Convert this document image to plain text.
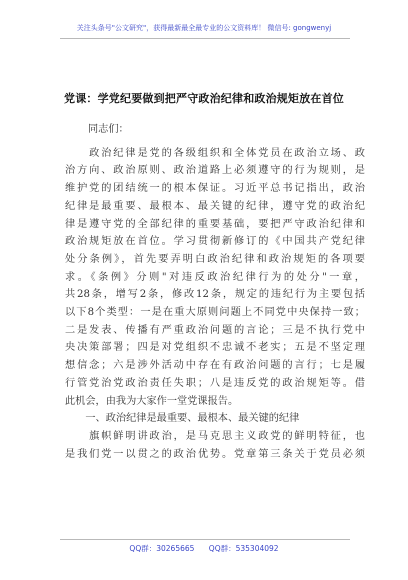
关注头条号"公文研究"，获得最新最全最专业的公文资料库！ 微信号: gongwenyj
党课：学党纪要做到把严守政治纪律和政治规矩放在首位
同志们：
　　政治纪律是党的各级组织和全体党员在政治立场、政
治方向、政治原则、政治道路上必须遵守的行为规则，是
维护党的团结统一的根本保证。习近平总书记指出，政治
纪律是最重要、最根本、最关键的纪律，遵守党的政治纪
律是遵守党的全部纪律的重要基础，要把严守政治纪律和
政治规矩放在首位。学习贯彻新修订的《中国共产党纪律
处分条例》，首先要弄明白政治纪律和政治规矩的各项要
求。《条例》分则"对违反政治纪律行为的处分"一章，
共28条，增写2条，修改12条，规定的违纪行为主要包括
以下8个类型：一是在重大原则问题上不同党中央保持一致；
二是发表、传播有严重政治问题的言论；三是不执行党中
央决策部署；四是对党组织不忠诚不老实；五是不坚定理
想信念；六是涉外活动中存在有政治问题的言行；七是履
行管党治党政治责任失职；八是违反党的政治规矩等。借
此机会，由我为大家作一堂党课报告。
　　一、政治纪律是最重要、最根本、最关键的纪律
　　旗帜鲜明讲政治，是马克思主义政党的鲜明特征，也
是我们党一以贯之的政治优势。党章第三条关于党员必须
QQ群：30265665 QQ群：535304092
